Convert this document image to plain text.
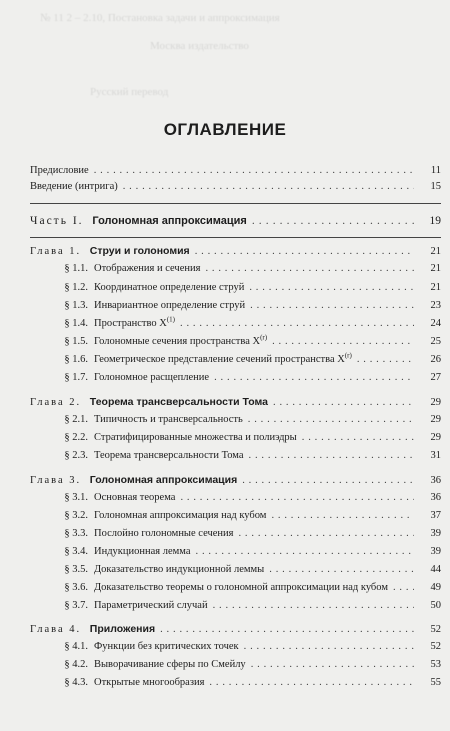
№ 11 2 – 2.10, Постановка задачи и аппроксимация
Москва издательство
Русский перевод
ОГЛАВЛЕНИЕ
Предисловие . . .	11
Введение (интрига) . . .	15
Часть I. Голономная аппроксимация . . .	19
Глава 1. Струи и голономия . . .	21
§ 1.1. Отображения и сечения . . .	21
§ 1.2. Координатное определение струй . . .	21
§ 1.3. Инвариантное определение струй . . .	23
§ 1.4. Пространство $X^{(1)}$ . . .	24
§ 1.5. Голономные сечения пространства $X^{(r)}$ . . .	25
§ 1.6. Геометрическое представление сечений пространства $X^{(r)}$ . . .	26
§ 1.7. Голономное расщепление . . .	27
Глава 2. Теорема трансверсальности Тома . . .	29
§ 2.1. Типичность и трансверсальность . . .	29
§ 2.2. Стратифицированные множества и полиэдры . . .	29
§ 2.3. Теорема трансверсальности Тома . . .	31
Глава 3. Голономная аппроксимация . . .	36
§ 3.1. Основная теорема . . .	36
§ 3.2. Голономная аппроксимация над кубом . . .	37
§ 3.3. Послойно голономные сечения . . .	39
§ 3.4. Индукционная лемма . . .	39
§ 3.5. Доказательство индукционной леммы . . .	44
§ 3.6. Доказательство теоремы о голономной аппроксимации над кубом . . .	49
§ 3.7. Параметрический случай . . .	50
Глава 4. Приложения . . .	52
§ 4.1. Функции без критических точек . . .	52
§ 4.2. Выворачивание сферы по Смейлу . . .	53
§ 4.3. Открытые многообразия . . .	55
